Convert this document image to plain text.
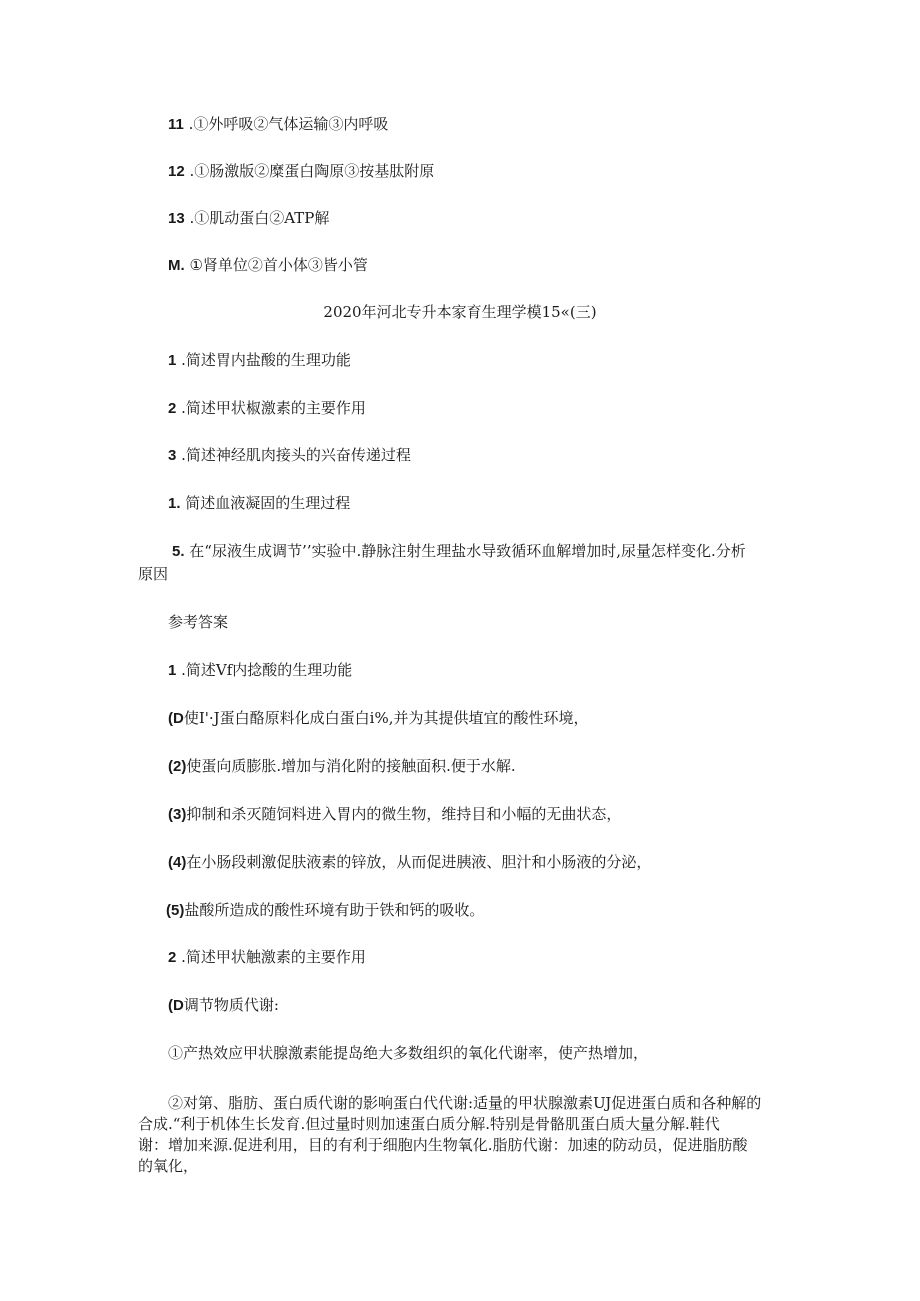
11 .①外呼吸②气体运输③内呼吸
12 .①肠激版②糜蛋白陶原③按基肽附原
13 .①肌动蛋白②ATP解
M. ①肾单位②首小体③皆小管
2020年河北专升本家育生理学模15«(三)
1 .简述胃内盐酸的生理功能
2 .简述甲状椒激素的主要作用
3 .简述神经肌肉接头的兴奋传递过程
1. 简述血液凝固的生理过程
5. 在“尿液生成调节’’实验中.静脉注射生理盐水导致循环血解增加时,尿量怎样变化.分析
原因
参考答案
1 .简述Vf内捻酸的生理功能
(D使I'·J蛋白酪原料化成白蛋白i%,并为其提供埴宜的酸性环境，
(2)使蛋向质膨胀.增加与消化附的接触面积.便于水解.
(3)抑制和杀灭随饲料进入胃内的微生物，维持目和小幅的无曲状态，
(4)在小肠段刺激促肤液素的锌放，从而促进胰液、胆汁和小肠液的分泌，
(5)盐酸所造成的酸性环境有助于铁和钙的吸收。
2 .简述甲状触激素的主要作用
(D调节物质代谢:
①产热效应甲状腺激素能提岛绝大多数组织的氧化代谢率，使产热增加，
②对第、脂肪、蛋白质代谢的影响蛋白代代谢:适量的甲状腺激素UJ促进蛋白质和各种解的
合成.“利于机体生长发育.但过量时则加速蛋白质分解.特别是骨骼肌蛋白质大量分解.鞋代
谢：增加来源.促进利用，目的有利于细胞内生物氧化.脂肪代谢：加速的防动员，促进脂肪酸
的氧化，
